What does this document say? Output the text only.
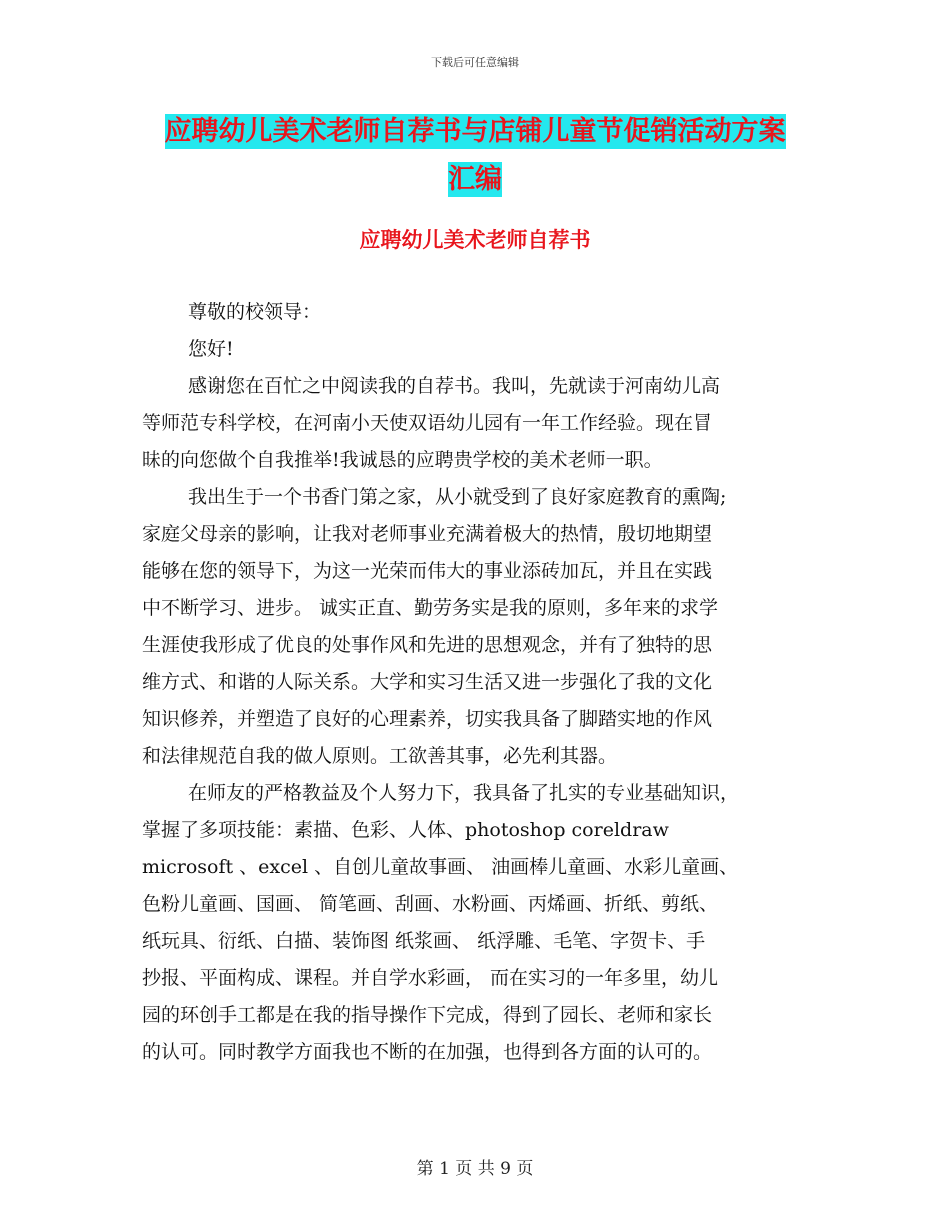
下载后可任意编辑
应聘幼儿美术老师自荐书与店铺儿童节促销活动方案
汇编
应聘幼儿美术老师自荐书
尊敬的校领导：
您好!
感谢您在百忙之中阅读我的自荐书。我叫，先就读于河南幼儿高
等师范专科学校，在河南小天使双语幼儿园有一年工作经验。现在冒
昧的向您做个自我推举!我诚恳的应聘贵学校的美术老师一职。
我出生于一个书香门第之家，从小就受到了良好家庭教育的熏陶;
家庭父母亲的影响，让我对老师事业充满着极大的热情，殷切地期望
能够在您的领导下，为这一光荣而伟大的事业添砖加瓦，并且在实践
中不断学习、进步。 诚实正直、勤劳务实是我的原则，多年来的求学
生涯使我形成了优良的处事作风和先进的思想观念，并有了独特的思
维方式、和谐的人际关系。大学和实习生活又进一步强化了我的文化
知识修养，并塑造了良好的心理素养，切实我具备了脚踏实地的作风
和法律规范自我的做人原则。工欲善其事，必先利其器。
在师友的严格教益及个人努力下，我具备了扎实的专业基础知识，
掌握了多项技能：素描、色彩、人体、photoshop coreldraw
microsoft 、excel 、自创儿童故事画、 油画棒儿童画、水彩儿童画、
色粉儿童画、国画、 简笔画、刮画、水粉画、丙烯画、折纸、剪纸、
纸玩具、衍纸、白描、装饰图 纸浆画、 纸浮雕、毛笔、字贺卡、手
抄报、平面构成、课程。并自学水彩画， 而在实习的一年多里，幼儿
园的环创手工都是在我的指导操作下完成，得到了园长、老师和家长
的认可。同时教学方面我也不断的在加强，也得到各方面的认可的。
第 1 页 共 9 页
